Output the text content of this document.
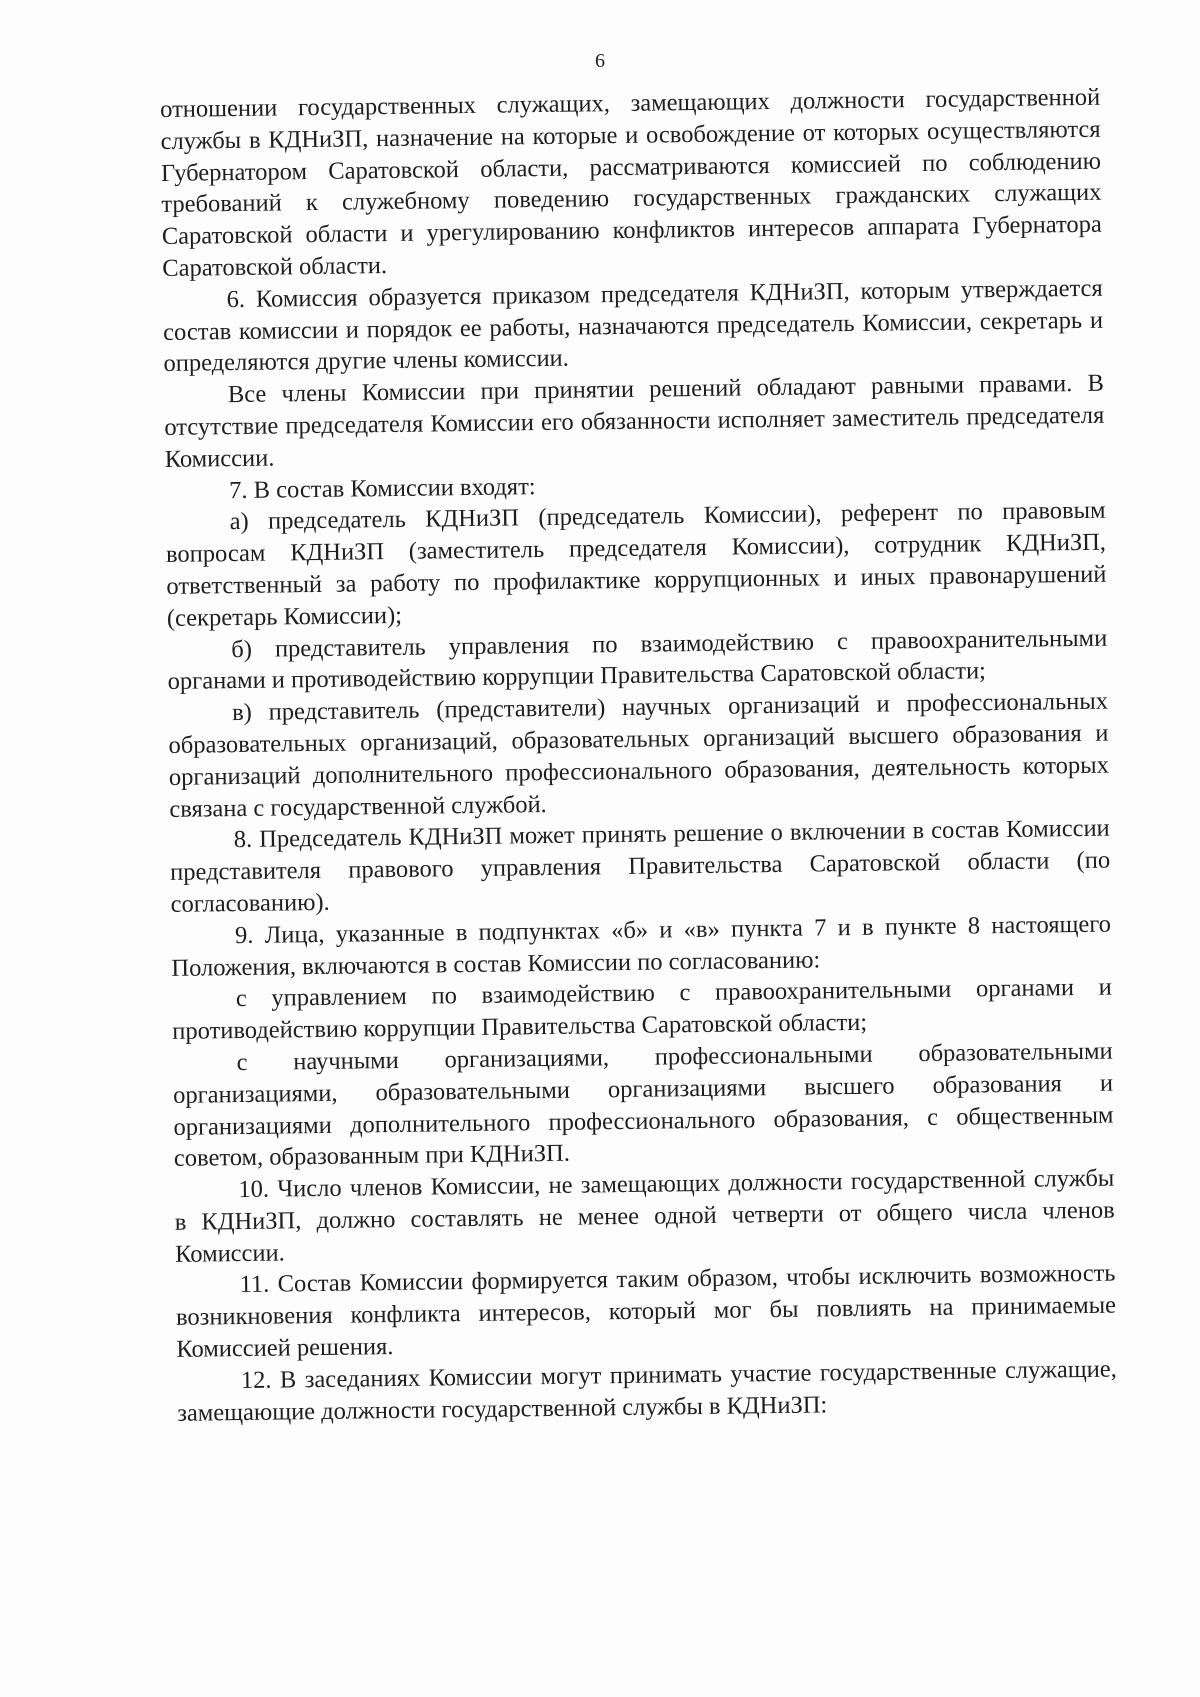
6

отношении государственных служащих, замещающих должности государственной службы в КДНиЗП, назначение на которые и освобождение от которых осуществляются Губернатором Саратовской области, рассматриваются комиссией по соблюдению требований к служебному поведению государственных гражданских служащих Саратовской области и урегулированию конфликтов интересов аппарата Губернатора Саратовской области.

6. Комиссия образуется приказом председателя КДНиЗП, которым утверждается состав комиссии и порядок ее работы, назначаются председатель Комиссии, секретарь и определяются другие члены комиссии.

Все члены Комиссии при принятии решений обладают равными правами. В отсутствие председателя Комиссии его обязанности исполняет заместитель председателя Комиссии.

7. В состав Комиссии входят:

а) председатель КДНиЗП (председатель Комиссии), референт по правовым вопросам КДНиЗП (заместитель председателя Комиссии), сотрудник КДНиЗП, ответственный за работу по профилактике коррупционных и иных правонарушений (секретарь Комиссии);

б) представитель управления по взаимодействию с правоохранительными органами и противодействию коррупции Правительства Саратовской области;

в) представитель (представители) научных организаций и профессиональных образовательных организаций, образовательных организаций высшего образования и организаций дополнительного профессионального образования, деятельность которых связана с государственной службой.

8. Председатель КДНиЗП может принять решение о включении в состав Комиссии представителя правового управления Правительства Саратовской области (по согласованию).

9. Лица, указанные в подпунктах «б» и «в» пункта 7 и в пункте 8 настоящего Положения, включаются в состав Комиссии по согласованию:

с управлением по взаимодействию с правоохранительными органами и противодействию коррупции Правительства Саратовской области;

с научными организациями, профессиональными образовательными организациями, образовательными организациями высшего образования и организациями дополнительного профессионального образования, с общественным советом, образованным при КДНиЗП.

10. Число членов Комиссии, не замещающих должности государственной службы в КДНиЗП, должно составлять не менее одной четверти от общего числа членов Комиссии.

11. Состав Комиссии формируется таким образом, чтобы исключить возможность возникновения конфликта интересов, который мог бы повлиять на принимаемые Комиссией решения.

12. В заседаниях Комиссии могут принимать участие государственные служащие, замещающие должности государственной службы в КДНиЗП:
